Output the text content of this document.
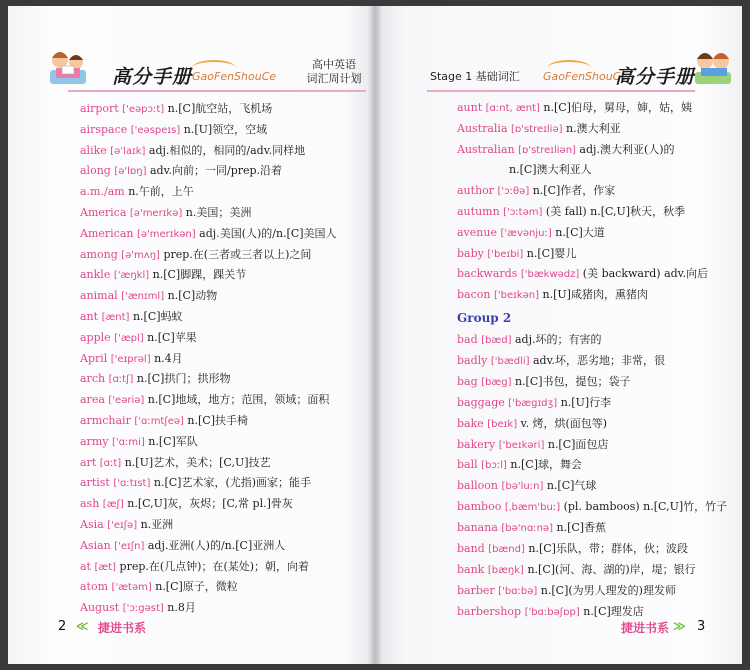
高分手册 GaoFenShouCe
高中英语
词汇周计划
airport ['eəpɔːt] n.[C]航空站，飞机场
airspace ['eəspeɪs] n.[U]领空，空域
alike [ə'laɪk] adj.相似的，相同的/adv.同样地
along [ə'lɒŋ] adv.向前；一同/prep.沿着
a.m./am n.午前，上午
America [ə'merɪkə] n.美国；美洲
American [ə'merɪkən] adj.美国(人)的/n.[C]美国人
among [ə'mʌŋ] prep.在(三者或三者以上)之间
ankle ['æŋkl] n.[C]脚踝，踝关节
animal ['ænɪml] n.[C]动物
ant [ænt] n.[C]蚂蚁
apple ['æpl] n.[C]苹果
April ['eɪprəl] n.4月
arch [ɑːtʃ] n.[C]拱门；拱形物
area ['eəriə] n.[C]地域，地方；范围，领域；面积
armchair ['ɑːmtʃeə] n.[C]扶手椅
army ['ɑːmi] n.[C]军队
art [ɑːt] n.[U]艺术，美术；[C,U]技艺
artist ['ɑːtɪst] n.[C]艺术家，(尤指)画家；能手
ash [æʃ] n.[C,U]灰，灰烬；[C,常 pl.]骨灰
Asia ['eɪʃə] n.亚洲
Asian ['eɪʃn] adj.亚洲(人)的/n.[C]亚洲人
at [æt] prep.在(几点钟)；在(某处)；朝，向着
atom ['ætəm] n.[C]原子，微粒
August ['ɔːgəst] n.8月
2 ≪ 捷进书系
Stage 1 基础词汇 GaoFenShouCe
高分手册
aunt [ɑːnt, ænt] n.[C]伯母，舅母，婶，姑，姨
Australia [ɒ'streɪliə] n.澳大利亚
Australian [ɒ'streɪliən] adj.澳大利亚(人)的
n.[C]澳大利亚人
author ['ɔːθə] n.[C]作者，作家
autumn ['ɔːtəm] (美 fall) n.[C,U]秋天，秋季
avenue ['ævənjuː] n.[C]大道
baby ['beɪbi] n.[C]婴儿
backwards ['bækwədz] (美 backward) adv.向后
bacon ['beɪkən] n.[U]咸猪肉，熏猪肉
Group 2
bad [bæd] adj.坏的；有害的
badly ['bædli] adv.坏，恶劣地；非常，很
bag [bæg] n.[C]书包，提包；袋子
baggage ['bægɪdʒ] n.[U]行李
bake [beɪk] v. 烤，烘(面包等)
bakery ['beɪkəri] n.[C]面包店
ball [bɔːl] n.[C]球，舞会
balloon [bə'luːn] n.[C]气球
bamboo [ˌbæm'buː] (pl. bamboos) n.[C,U]竹，竹子
banana [bə'nɑːnə] n.[C]香蕉
band [bænd] n.[C]乐队，带；群体，伙；波段
bank [bæŋk] n.[C](河、海、湖的)岸，堤；银行
barber ['bɑːbə] n.[C](为男人理发的)理发师
barbershop ['bɑːbəʃɒp] n.[C]理发店
捷进书系 ≫ 3
